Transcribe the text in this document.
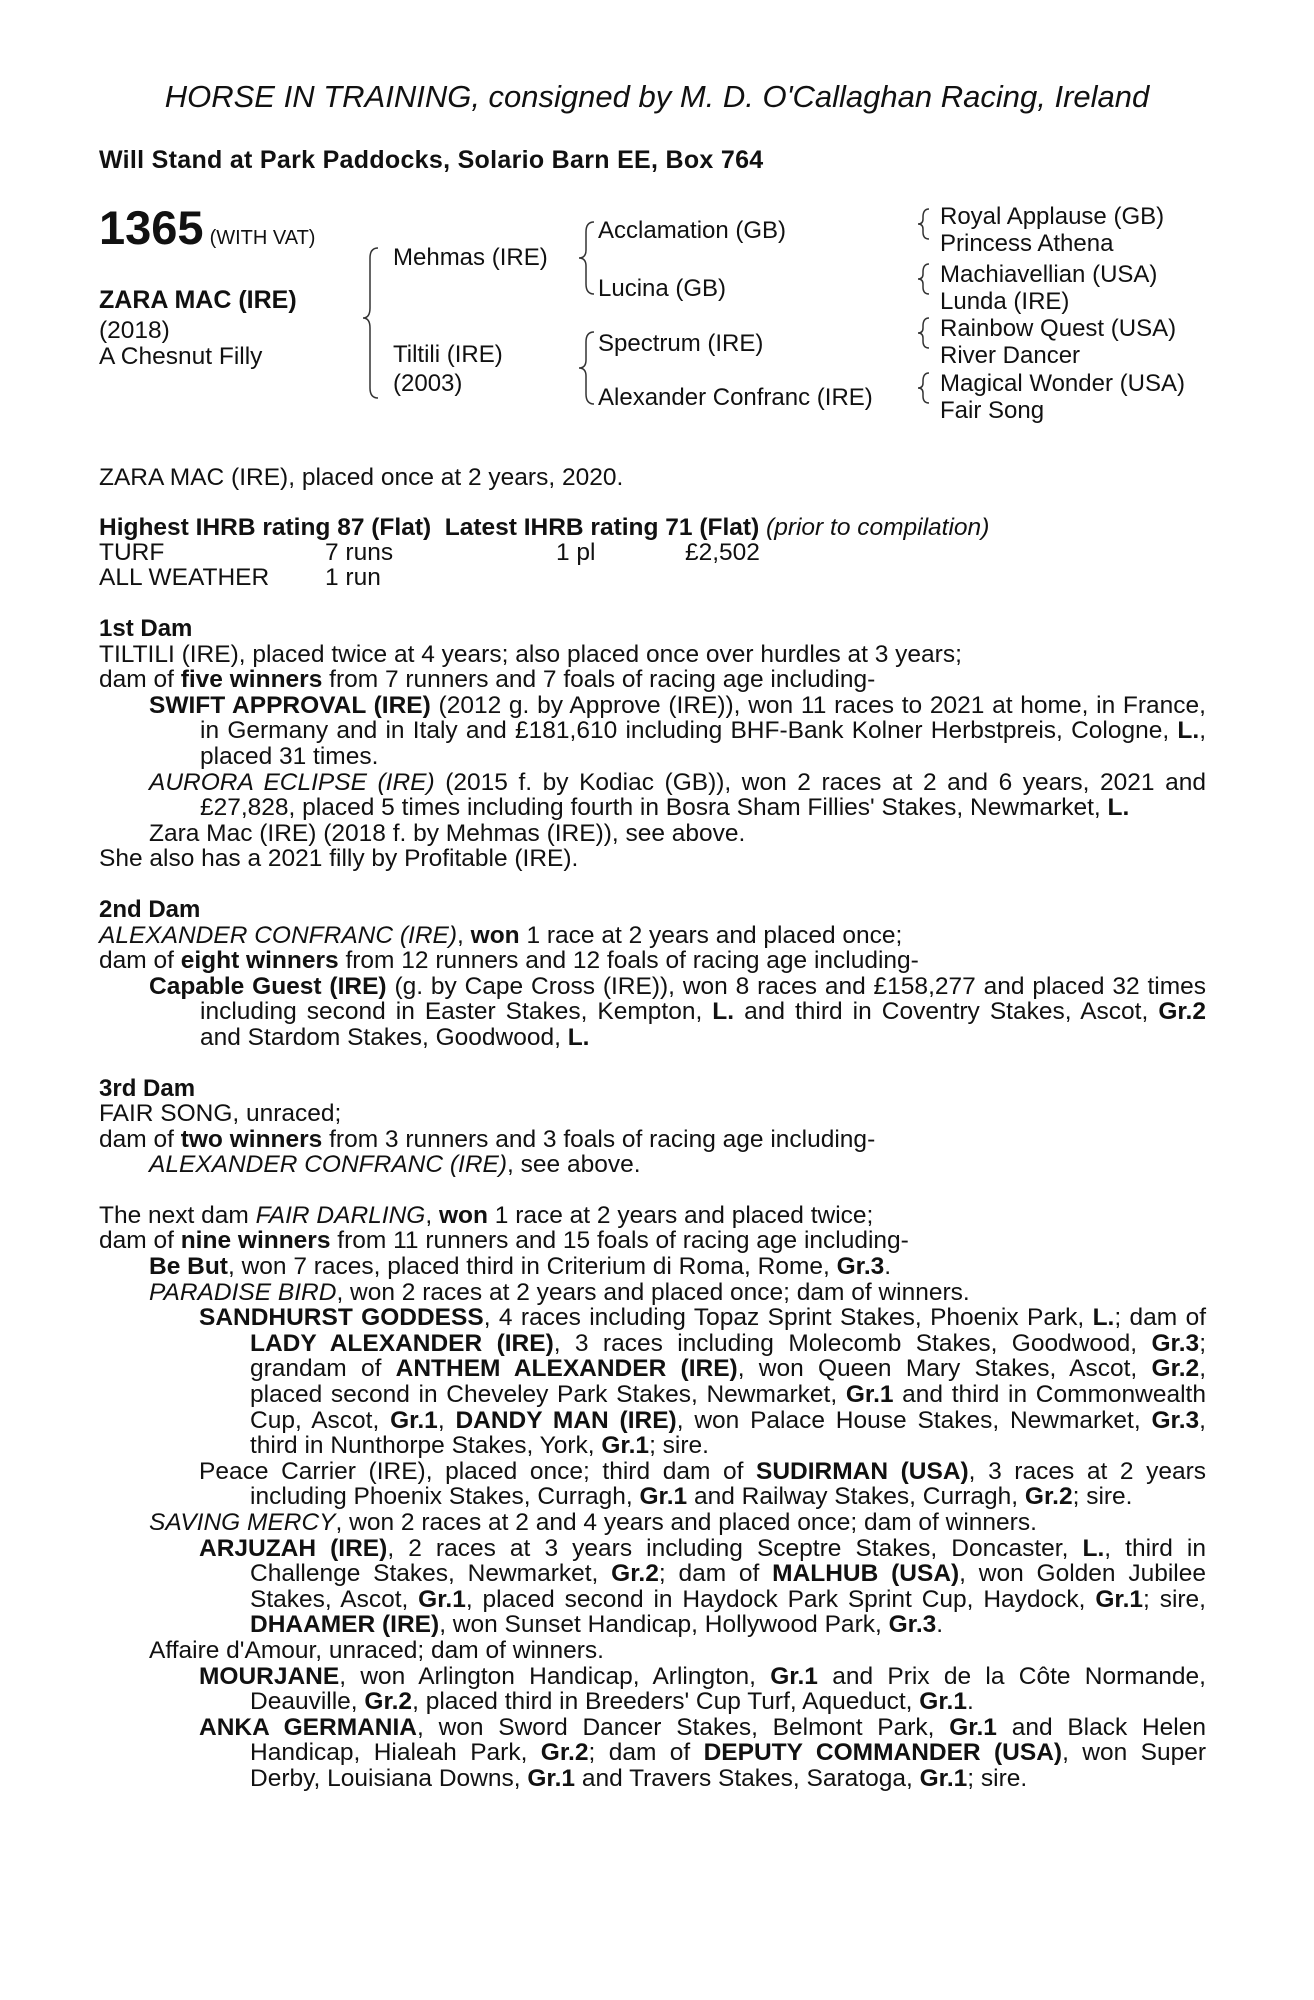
HORSE IN TRAINING, consigned by M. D. O'Callaghan Racing, Ireland
Will Stand at Park Paddocks, Solario Barn EE, Box 764
1365 (WITH VAT)
ZARA MAC (IRE)
(2018)
A Chesnut Filly
Mehmas (IRE)
Tiltili (IRE)
(2003)
Acclamation (GB)
Lucina (GB)
Spectrum (IRE)
Alexander Confranc (IRE)
Royal Applause (GB)
Princess Athena
Machiavellian (USA)
Lunda (IRE)
Rainbow Quest (USA)
River Dancer
Magical Wonder (USA)
Fair Song
ZARA MAC (IRE), placed once at 2 years, 2020.
Highest IHRB rating 87 (Flat) Latest IHRB rating 71 (Flat) (prior to compilation)
TURF	7 runs	1 pl	£2,502
ALL WEATHER 1 run

1st Dam

TILTILI (IRE), placed twice at 4 years; also placed once over hurdles at 3 years;

dam of five winners from 7 runners and 7 foals of racing age including-

SWIFT APPROVAL (IRE) (2012 g. by Approve (IRE)), won 11 races to 2021 at home, in France, in Germany and in Italy and £181,610 including BHF-Bank Kolner Herbstpreis, Cologne, L., placed 31 times.

AURORA ECLIPSE (IRE) (2015 f. by Kodiac (GB)), won 2 races at 2 and 6 years, 2021 and £27,828, placed 5 times including fourth in Bosra Sham Fillies' Stakes, Newmarket, L.

Zara Mac (IRE) (2018 f. by Mehmas (IRE)), see above.

She also has a 2021 filly by Profitable (IRE).

2nd Dam

ALEXANDER CONFRANC (IRE), won 1 race at 2 years and placed once;

dam of eight winners from 12 runners and 12 foals of racing age including-

Capable Guest (IRE) (g. by Cape Cross (IRE)), won 8 races and £158,277 and placed 32 times including second in Easter Stakes, Kempton, L. and third in Coventry Stakes, Ascot, Gr.2 and Stardom Stakes, Goodwood, L.

3rd Dam

FAIR SONG, unraced;

dam of two winners from 3 runners and 3 foals of racing age including-

ALEXANDER CONFRANC (IRE), see above.

The next dam FAIR DARLING, won 1 race at 2 years and placed twice;

dam of nine winners from 11 runners and 15 foals of racing age including-

Be But, won 7 races, placed third in Criterium di Roma, Rome, Gr.3.

PARADISE BIRD, won 2 races at 2 years and placed once; dam of winners.

SANDHURST GODDESS, 4 races including Topaz Sprint Stakes, Phoenix Park, L.; dam of LADY ALEXANDER (IRE), 3 races including Molecomb Stakes, Goodwood, Gr.3; grandam of ANTHEM ALEXANDER (IRE), won Queen Mary Stakes, Ascot, Gr.2, placed second in Cheveley Park Stakes, Newmarket, Gr.1 and third in Commonwealth Cup, Ascot, Gr.1, DANDY MAN (IRE), won Palace House Stakes, Newmarket, Gr.3, third in Nunthorpe Stakes, York, Gr.1; sire.

Peace Carrier (IRE), placed once; third dam of SUDIRMAN (USA), 3 races at 2 years including Phoenix Stakes, Curragh, Gr.1 and Railway Stakes, Curragh, Gr.2; sire.

SAVING MERCY, won 2 races at 2 and 4 years and placed once; dam of winners.

ARJUZAH (IRE), 2 races at 3 years including Sceptre Stakes, Doncaster, L., third in Challenge Stakes, Newmarket, Gr.2; dam of MALHUB (USA), won Golden Jubilee Stakes, Ascot, Gr.1, placed second in Haydock Park Sprint Cup, Haydock, Gr.1; sire, DHAAMER (IRE), won Sunset Handicap, Hollywood Park, Gr.3.

Affaire d'Amour, unraced; dam of winners.

MOURJANE, won Arlington Handicap, Arlington, Gr.1 and Prix de la Côte Normande, Deauville, Gr.2, placed third in Breeders' Cup Turf, Aqueduct, Gr.1.

ANKA GERMANIA, won Sword Dancer Stakes, Belmont Park, Gr.1 and Black Helen Handicap, Hialeah Park, Gr.2; dam of DEPUTY COMMANDER (USA), won Super Derby, Louisiana Downs, Gr.1 and Travers Stakes, Saratoga, Gr.1; sire.
